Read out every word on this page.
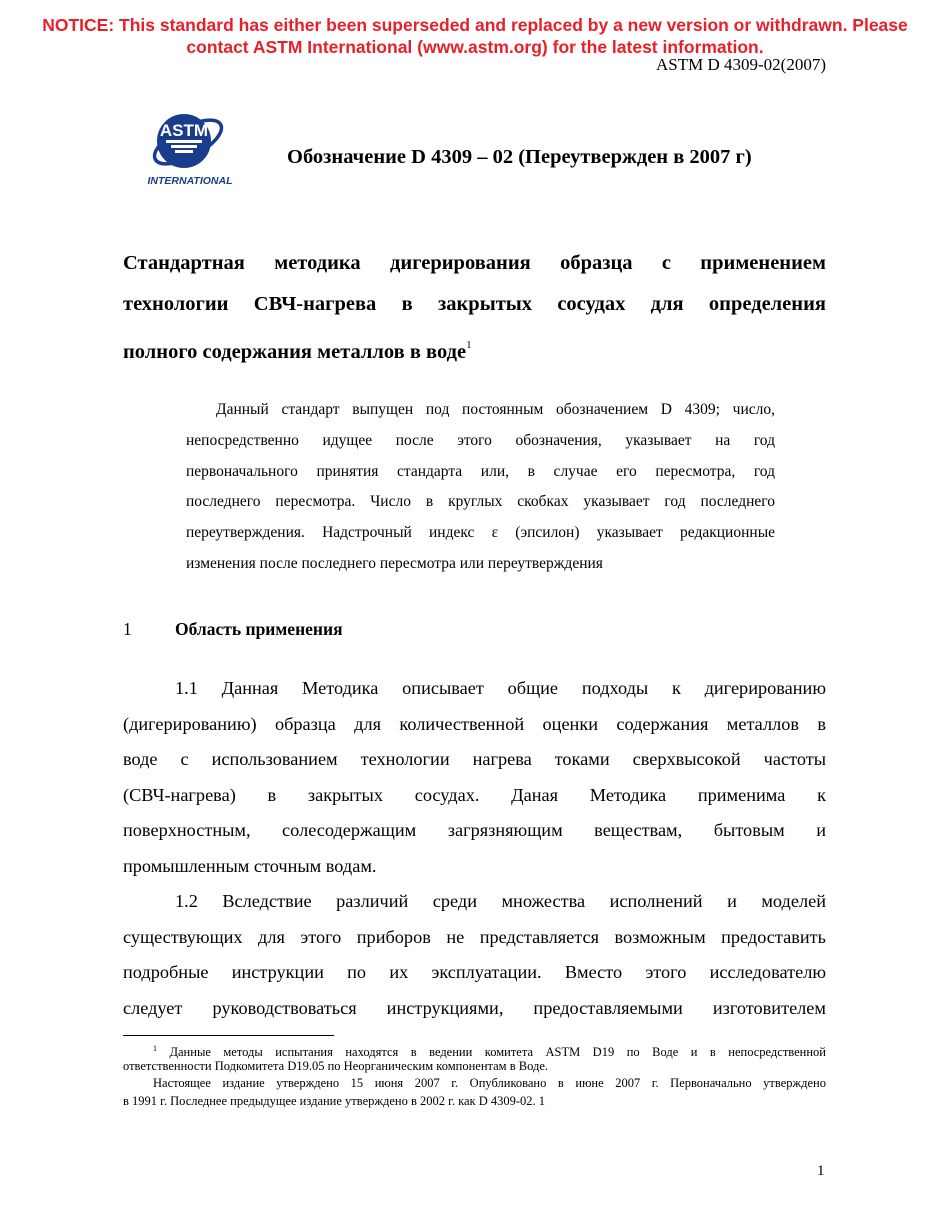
NOTICE: This standard has either been superseded and replaced by a new version or withdrawn. Please
contact ASTM International (www.astm.org) for the latest information.
ASTM D 4309-02(2007)
ASTM
INTERNATIONAL
Обозначение D 4309 – 02 (Переутвержден в 2007 г)
Стандартная методика дигерирования образца с применением
технологии СВЧ-нагрева в закрытых сосудах для определения
полного содержания металлов в воде$^1$
Данный стандарт выпущен под постоянным обозначением D 4309; число,
непосредственно идущее после этого обозначения, указывает на год
первоначального принятия стандарта или, в случае его пересмотра, год
последнего пересмотра. Число в круглых скобках указывает год последнего
переутверждения. Надстрочный индекс ε (эпсилон) указывает редакционные
изменения после последнего пересмотра или переутверждения
1 Область применения
1.1 Данная Методика описывает общие подходы к дигерированию
(дигерированию) образца для количественной оценки содержания металлов в
воде с использованием технологии нагрева токами сверхвысокой частоты
(СВЧ-нагрева) в закрытых сосудах. Даная Методика применима к
поверхностным, солесодержащим загрязняющим веществам, бытовым и
промышленным сточным водам.
1.2 Вследствие различий среди множества исполнений и моделей
существующих для этого приборов не представляется возможным предоставить
подробные инструкции по их эксплуатации. Вместо этого исследователю
следует руководствоваться инструкциями, предоставляемыми изготовителем
$^1$ Данные методы испытания находятся в ведении комитета ASTM D19 по Воде и в непосредственной
ответственности Подкомитета D19.05 по Неорганическим компонентам в Воде.
Настоящее издание утверждено 15 июня 2007 г. Опубликовано в июне 2007 г. Первоначально утверждено
в 1991 г. Последнее предыдущее издание утверждено в 2002 г. как D 4309-02. 1
1
